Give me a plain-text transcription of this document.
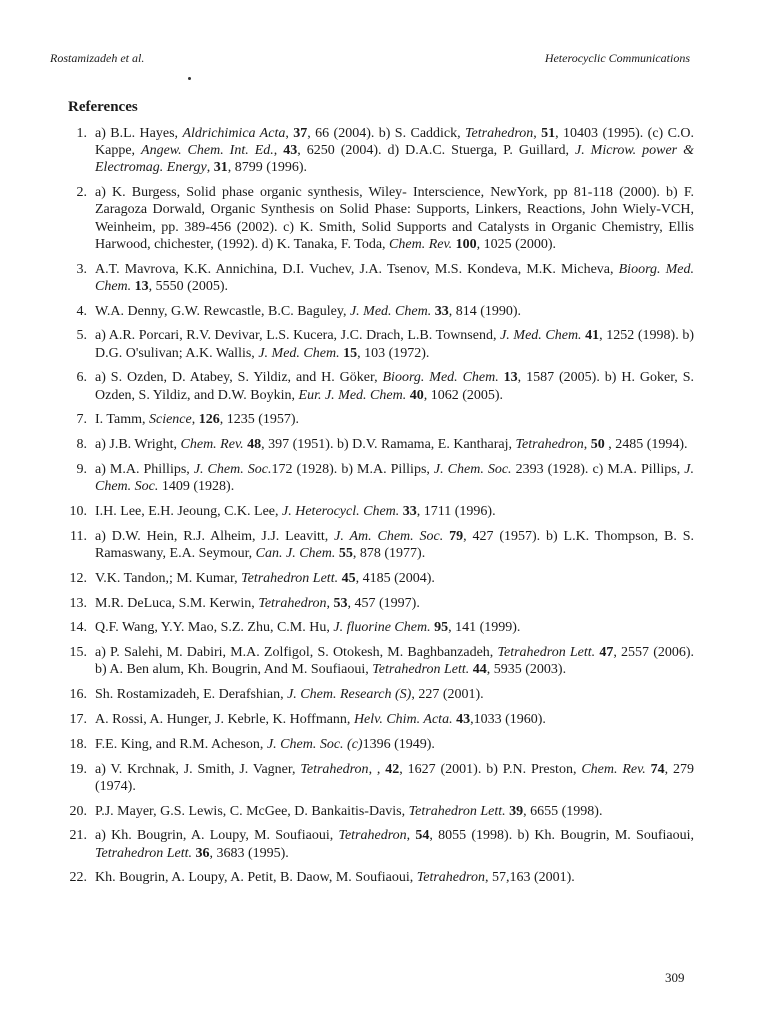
Rostamizadeh et al.	Heterocyclic Communications
References
1. a) B.L. Hayes, Aldrichimica Acta, 37, 66 (2004). b) S. Caddick, Tetrahedron, 51, 10403 (1995). (c) C.O. Kappe, Angew. Chem. Int. Ed., 43, 6250 (2004). d) D.A.C. Stuerga, P. Guillard, J. Microw. power & Electromag. Energy, 31, 8799 (1996).
2. a) K. Burgess, Solid phase organic synthesis, Wiley- Interscience, NewYork, pp 81-118 (2000). b) F. Zaragoza Dorwald, Organic Synthesis on Solid Phase: Supports, Linkers, Reactions, John Wiely-VCH, Weinheim, pp. 389-456 (2002). c) K. Smith, Solid Supports and Catalysts in Organic Chemistry, Ellis Harwood, chichester, (1992). d) K. Tanaka, F. Toda, Chem. Rev. 100, 1025 (2000).
3. A.T. Mavrova, K.K. Annichina, D.I. Vuchev, J.A. Tsenov, M.S. Kondeva, M.K. Micheva, Bioorg. Med. Chem. 13, 5550 (2005).
4. W.A. Denny, G.W. Rewcastle, B.C. Baguley, J. Med. Chem. 33, 814 (1990).
5. a) A.R. Porcari, R.V. Devivar, L.S. Kucera, J.C. Drach, L.B. Townsend, J. Med. Chem. 41, 1252 (1998). b) D.G. O'sulivan; A.K. Wallis, J. Med. Chem. 15, 103 (1972).
6. a) S. Ozden, D. Atabey, S. Yildiz, and H. Göker, Bioorg. Med. Chem. 13, 1587 (2005). b) H. Goker, S. Ozden, S. Yildiz, and D.W. Boykin, Eur. J. Med. Chem. 40, 1062 (2005).
7. I. Tamm, Science, 126, 1235 (1957).
8. a) J.B. Wright, Chem. Rev. 48, 397 (1951). b) D.V. Ramama, E. Kantharaj, Tetrahedron, 50 , 2485 (1994).
9. a) M.A. Phillips, J. Chem. Soc.172 (1928). b) M.A. Pillips, J. Chem. Soc. 2393 (1928). c) M.A. Pillips, J. Chem. Soc. 1409 (1928).
10. I.H. Lee, E.H. Jeoung, C.K. Lee, J. Heterocycl. Chem. 33, 1711 (1996).
11. a) D.W. Hein, R.J. Alheim, J.J. Leavitt, J. Am. Chem. Soc. 79, 427 (1957). b) L.K. Thompson, B. S. Ramaswany, E.A. Seymour, Can. J. Chem. 55, 878 (1977).
12. V.K. Tandon,; M. Kumar, Tetrahedron Lett. 45, 4185 (2004).
13. M.R. DeLuca, S.M. Kerwin, Tetrahedron, 53, 457 (1997).
14. Q.F. Wang, Y.Y. Mao, S.Z. Zhu, C.M. Hu, J. fluorine Chem. 95, 141 (1999).
15. a) P. Salehi, M. Dabiri, M.A. Zolfigol, S. Otokesh, M. Baghbanzadeh, Tetrahedron Lett. 47, 2557 (2006). b) A. Ben alum, Kh. Bougrin, And M. Soufiaoui, Tetrahedron Lett. 44, 5935 (2003).
16. Sh. Rostamizadeh, E. Derafshian, J. Chem. Research (S), 227 (2001).
17. A. Rossi, A. Hunger, J. Kebrle, K. Hoffmann, Helv. Chim. Acta. 43,1033 (1960).
18. F.E. King, and R.M. Acheson, J. Chem. Soc. (c)1396 (1949).
19. a) V. Krchnak, J. Smith, J. Vagner, Tetrahedron, , 42, 1627 (2001). b) P.N. Preston, Chem. Rev. 74, 279 (1974).
20. P.J. Mayer, G.S. Lewis, C. McGee, D. Bankaitis-Davis, Tetrahedron Lett. 39, 6655 (1998).
21. a) Kh. Bougrin, A. Loupy, M. Soufiaoui, Tetrahedron, 54, 8055 (1998). b) Kh. Bougrin, M. Soufiaoui, Tetrahedron Lett. 36, 3683 (1995).
22. Kh. Bougrin, A. Loupy, A. Petit, B. Daow, M. Soufiaoui, Tetrahedron, 57,163 (2001).
309
